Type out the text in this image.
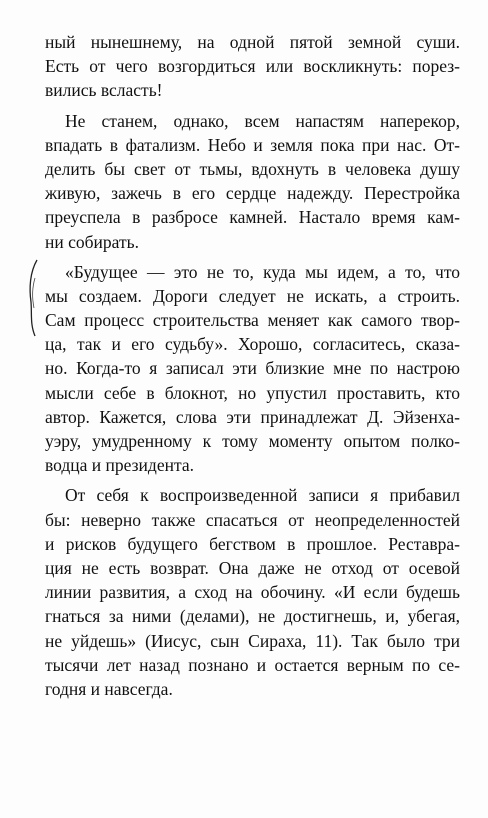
ный нынешнему, на одной пятой земной суши.
Есть от чего возгордиться или воскликнуть: порез-
вились всласть!
Не станем, однако, всем напастям наперекор,
впадать в фатализм. Небо и земля пока при нас. От-
делить бы свет от тьмы, вдохнуть в человека душу
живую, зажечь в его сердце надежду. Перестройка
преуспела в разбросе камней. Настало время кам-
ни собирать.
«Будущее — это не то, куда мы идем, а то, что
мы создаем. Дороги следует не искать, а строить.
Сам процесс строительства меняет как самого твор-
ца, так и его судьбу». Хорошо, согласитесь, сказа-
но. Когда-то я записал эти близкие мне по настрою
мысли себе в блокнот, но упустил проставить, кто
автор. Кажется, слова эти принадлежат Д. Эйзенха-
уэру, умудренному к тому моменту опытом полко-
водца и президента.
От себя к воспроизведенной записи я прибавил
бы: неверно также спасаться от неопределенностей
и рисков будущего бегством в прошлое. Реставра-
ция не есть возврат. Она даже не отход от осевой
линии развития, а сход на обочину. «И если будешь
гнаться за ними (делами), не достигнешь, и, убегая,
не уйдешь» (Иисус, сын Сираха, 11). Так было три
тысячи лет назад познано и остается верным по се-
годня и навсегда.
